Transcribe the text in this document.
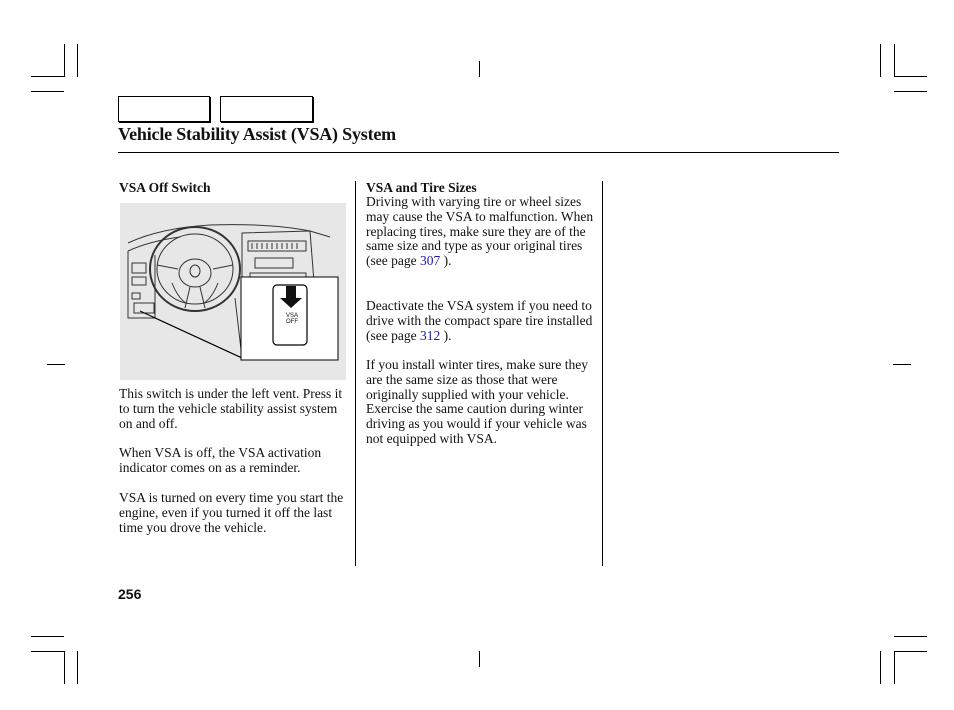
Vehicle Stability Assist (VSA) System
VSA Off Switch
VSA
OFF

This switch is under the left vent. Press it to turn the vehicle stability assist system on and off.

When VSA is off, the VSA activation indicator comes on as a reminder.

VSA is turned on every time you start the engine, even if you turned it off the last time you drove the vehicle.

VSA and Tire Sizes

Driving with varying tire or wheel sizes may cause the VSA to malfunction. When replacing tires, make sure they are of the same size and type as your original tires (see page 307 ).

Deactivate the VSA system if you need to drive with the compact spare tire installed (see page 312 ).

If you install winter tires, make sure they are the same size as those that were originally supplied with your vehicle. Exercise the same caution during winter driving as you would if your vehicle was not equipped with VSA.

256
